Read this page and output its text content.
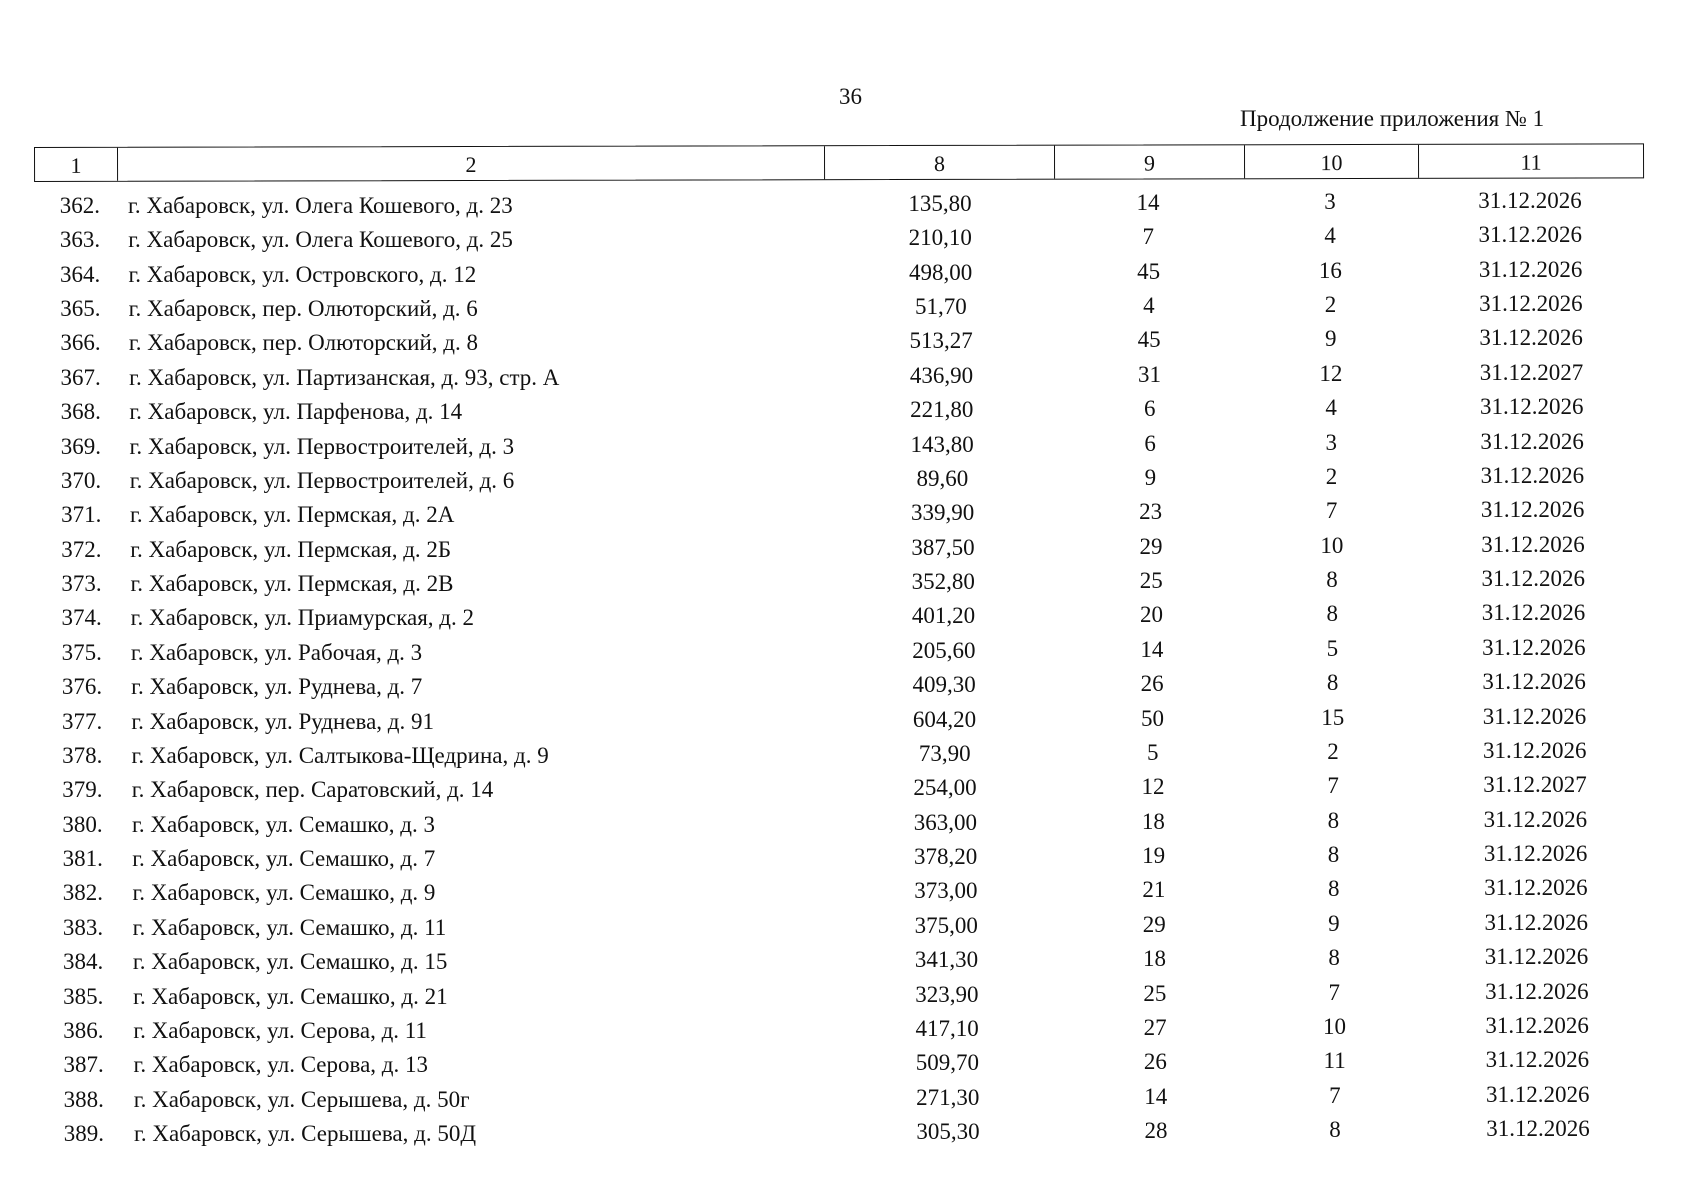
36
Продолжение приложения № 1
1	2	8	9	10	11
362. г. Хабаровск, ул. Олега Кошевого, д. 23	135,80	14	3	31.12.2026
363. г. Хабаровск, ул. Олега Кошевого, д. 25	210,10	7	4	31.12.2026
364. г. Хабаровск, ул. Островского, д. 12	498,00	45	16	31.12.2026
365. г. Хабаровск, пер. Олюторский, д. 6	51,70	4	2	31.12.2026
366. г. Хабаровск, пер. Олюторский, д. 8	513,27	45	9	31.12.2026
367. г. Хабаровск, ул. Партизанская, д. 93, стр. А	436,90	31	12	31.12.2027
368. г. Хабаровск, ул. Парфенова, д. 14	221,80	6	4	31.12.2026
369. г. Хабаровск, ул. Первостроителей, д. 3	143,80	6	3	31.12.2026
370. г. Хабаровск, ул. Первостроителей, д. 6	89,60	9	2	31.12.2026
371. г. Хабаровск, ул. Пермская, д. 2А	339,90	23	7	31.12.2026
372. г. Хабаровск, ул. Пермская, д. 2Б	387,50	29	10	31.12.2026
373. г. Хабаровск, ул. Пермская, д. 2В	352,80	25	8	31.12.2026
374. г. Хабаровск, ул. Приамурская, д. 2	401,20	20	8	31.12.2026
375. г. Хабаровск, ул. Рабочая, д. 3	205,60	14	5	31.12.2026
376. г. Хабаровск, ул. Руднева, д. 7	409,30	26	8	31.12.2026
377. г. Хабаровск, ул. Руднева, д. 91	604,20	50	15	31.12.2026
378. г. Хабаровск, ул. Салтыкова-Щедрина, д. 9	73,90	5	2	31.12.2026
379. г. Хабаровск, пер. Саратовский, д. 14	254,00	12	7	31.12.2027
380. г. Хабаровск, ул. Семашко, д. 3	363,00	18	8	31.12.2026
381. г. Хабаровск, ул. Семашко, д. 7	378,20	19	8	31.12.2026
382. г. Хабаровск, ул. Семашко, д. 9	373,00	21	8	31.12.2026
383. г. Хабаровск, ул. Семашко, д. 11	375,00	29	9	31.12.2026
384. г. Хабаровск, ул. Семашко, д. 15	341,30	18	8	31.12.2026
385. г. Хабаровск, ул. Семашко, д. 21	323,90	25	7	31.12.2026
386. г. Хабаровск, ул. Серова, д. 11	417,10	27	10	31.12.2026
387. г. Хабаровск, ул. Серова, д. 13	509,70	26	11	31.12.2026
388. г. Хабаровск, ул. Серышева, д. 50г	271,30	14	7	31.12.2026
389. г. Хабаровск, ул. Серышева, д. 50Д	305,30	28	8	31.12.2026
